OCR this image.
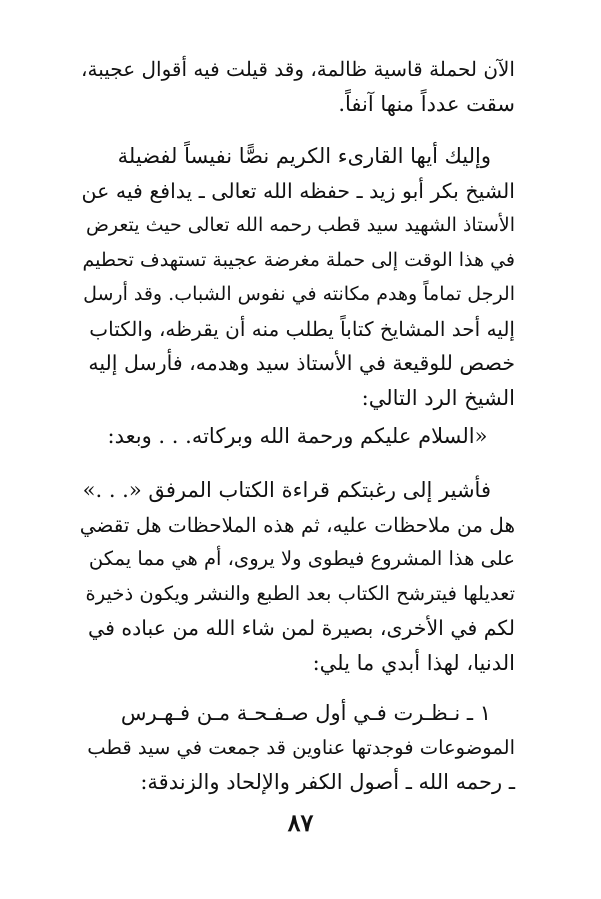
الآن لحملة قاسية ظالمة، وقد قيلت فيه أقوال عجيبة،
سقت عدداً منها آنفاً.

وإليك أيها القارىء الكريم نصًّا نفيساً لفضيلة
الشيخ بكر أبو زيد ـ حفظه الله تعالى ـ يدافع فيه عن
الأستاذ الشهيد سيد قطب رحمه الله تعالى حيث يتعرض
في هذا الوقت إلى حملة مغرضة عجيبة تستهدف تحطيم
الرجل تماماً وهدم مكانته في نفوس الشباب. وقد أرسل
إليه أحد المشايخ كتاباً يطلب منه أن يقرظه، والكتاب
خصص للوقيعة في الأستاذ سيد وهدمه، فأرسل إليه
الشيخ الرد التالي:

«السلام عليكم ورحمة الله وبركاته. . . وبعد:

فأشير إلى رغبتكم قراءة الكتاب المرفق «. . .»
هل من ملاحظات عليه، ثم هذه الملاحظات هل تقضي
على هذا المشروع فيطوى ولا يروى، أم هي مما يمكن
تعديلها فيترشح الكتاب بعد الطبع والنشر ويكون ذخيرة
لكم في الأخرى، بصيرة لمن شاء الله من عباده في
الدنيا، لهذا أبدي ما يلي:

١ ـ نـظـرت فـي أول صـفـحـة مـن فـهـرس
الموضوعات فوجدتها عناوين قد جمعت في سيد قطب
ـ رحمه الله ـ أصول الكفر والإلحاد والزندقة:

٨٧
